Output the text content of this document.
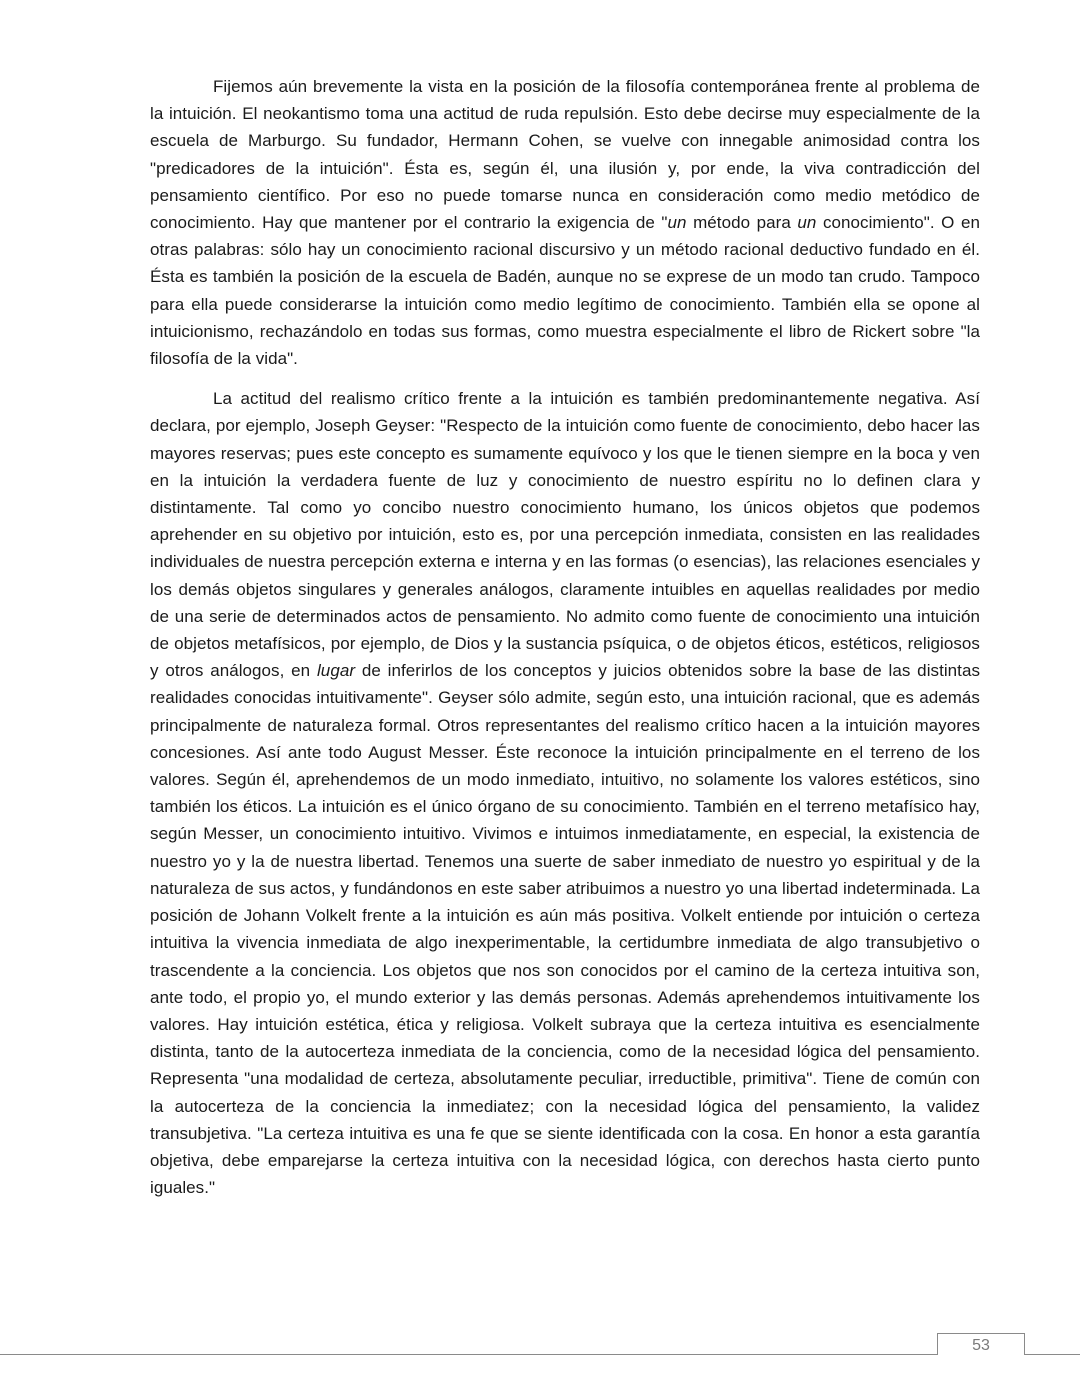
Fijemos aún brevemente la vista en la posición de la filosofía contemporánea frente al problema de la intuición. El neokantismo toma una actitud de ruda repulsión. Esto debe decirse muy especialmente de la escuela de Marburgo. Su fundador, Hermann Cohen, se vuelve con innegable animosidad contra los "predicadores de la intuición". Ésta es, según él, una ilusión y, por ende, la viva contradicción del pensamiento científico. Por eso no puede tomarse nunca en consideración como medio metódico de conocimiento. Hay que mantener por el contrario la exigencia de "un método para un conocimiento". O en otras palabras: sólo hay un conocimiento racional discursivo y un método racional deductivo fundado en él. Ésta es también la posición de la escuela de Badén, aunque no se exprese de un modo tan crudo. Tampoco para ella puede considerarse la intuición como medio legítimo de conocimiento. También ella se opone al intuicionismo, rechazándolo en todas sus formas, como muestra especialmente el libro de Rickert sobre "la filosofía de la vida".

La actitud del realismo crítico frente a la intuición es también predominantemente negativa. Así declara, por ejemplo, Joseph Geyser: "Respecto de la intuición como fuente de conocimiento, debo hacer las mayores reservas; pues este concepto es sumamente equívoco y los que le tienen siempre en la boca y ven en la intuición la verdadera fuente de luz y conocimiento de nuestro espíritu no lo definen clara y distintamente. Tal como yo concibo nuestro conocimiento humano, los únicos objetos que podemos aprehender en su objetivo por intuición, esto es, por una percepción inmediata, consisten en las realidades individuales de nuestra percepción externa e interna y en las formas (o esencias), las relaciones esenciales y los demás objetos singulares y generales análogos, claramente intuibles en aquellas realidades por medio de una serie de determinados actos de pensamiento. No admito como fuente de conocimiento una intuición de objetos metafísicos, por ejemplo, de Dios y la sustancia psíquica, o de objetos éticos, estéticos, religiosos y otros análogos, en lugar de inferirlos de los conceptos y juicios obtenidos sobre la base de las distintas realidades conocidas intuitivamente". Geyser sólo admite, según esto, una intuición racional, que es además principalmente de naturaleza formal. Otros representantes del realismo crítico hacen a la intuición mayores concesiones. Así ante todo August Messer. Éste reconoce la intuición principalmente en el terreno de los valores. Según él, aprehendemos de un modo inmediato, intuitivo, no solamente los valores estéticos, sino también los éticos. La intuición es el único órgano de su conocimiento. También en el terreno metafísico hay, según Messer, un conocimiento intuitivo. Vivimos e intuimos inmediatamente, en especial, la existencia de nuestro yo y la de nuestra libertad. Tenemos una suerte de saber inmediato de nuestro yo espiritual y de la naturaleza de sus actos, y fundándonos en este saber atribuimos a nuestro yo una libertad indeterminada. La posición de Johann Volkelt frente a la intuición es aún más positiva. Volkelt entiende por intuición o certeza intuitiva la vivencia inmediata de algo inexperimentable, la certidumbre inmediata de algo transubjetivo o trascendente a la conciencia. Los objetos que nos son conocidos por el camino de la certeza intuitiva son, ante todo, el propio yo, el mundo exterior y las demás personas. Además aprehendemos intuitivamente los valores. Hay intuición estética, ética y religiosa. Volkelt subraya que la certeza intuitiva es esencialmente distinta, tanto de la autocerteza inmediata de la conciencia, como de la necesidad lógica del pensamiento. Representa "una modalidad de certeza, absolutamente peculiar, irreductible, primitiva". Tiene de común con la autocerteza de la conciencia la inmediatez; con la necesidad lógica del pensamiento, la validez transubjetiva. "La certeza intuitiva es una fe que se siente identificada con la cosa. En honor a esta garantía objetiva, debe emparejarse la certeza intuitiva con la necesidad lógica, con derechos hasta cierto punto iguales."

53
